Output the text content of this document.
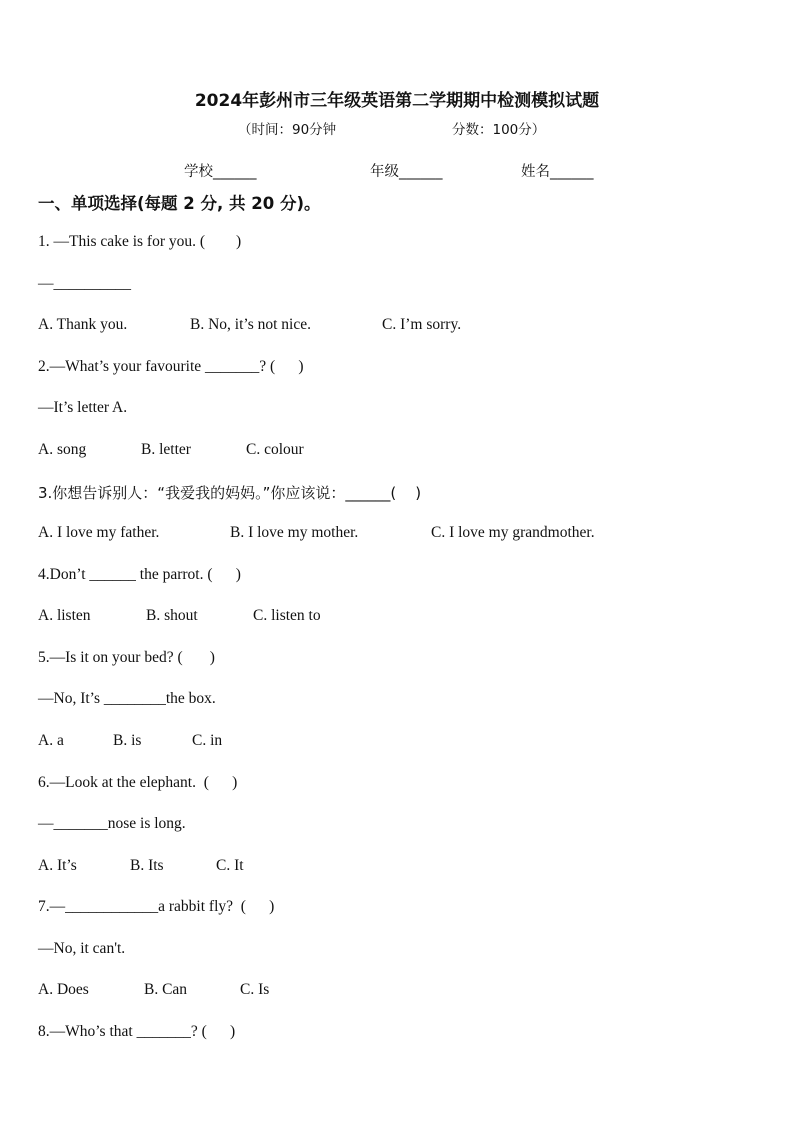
2024年彭州市三年级英语第二学期期中检测模拟试题
（时间：90分钟	分数：100分）
学校______	年级______	姓名______
一、单项选择(每题 2 分, 共 20 分)。
1. —This cake is for you. (        )
—__________
A. Thank you.	B. No, it’s not nice.	C. I’m sorry.
2.—What’s your favourite _______? (      )
—It’s letter A.
A. song	B. letter	C. colour
3.你想告诉别人：“我爱我的妈妈。”你应该说：______(    )
A. I love my father.	B. I love my mother.	C. I love my grandmother.
4.Don’t ______ the parrot. (      )
A. listen	B. shout	C. listen to
5.—Is it on your bed? (       )
—No, It’s ________the box.
A. a	B. is	C. in
6.—Look at the elephant.  (      )
—_______nose is long.
A. It’s	B. Its	C. It
7.—____________a rabbit fly?  (      )
—No, it can't.
A. Does	B. Can	C. Is
8.—Who’s that _______? (      )
